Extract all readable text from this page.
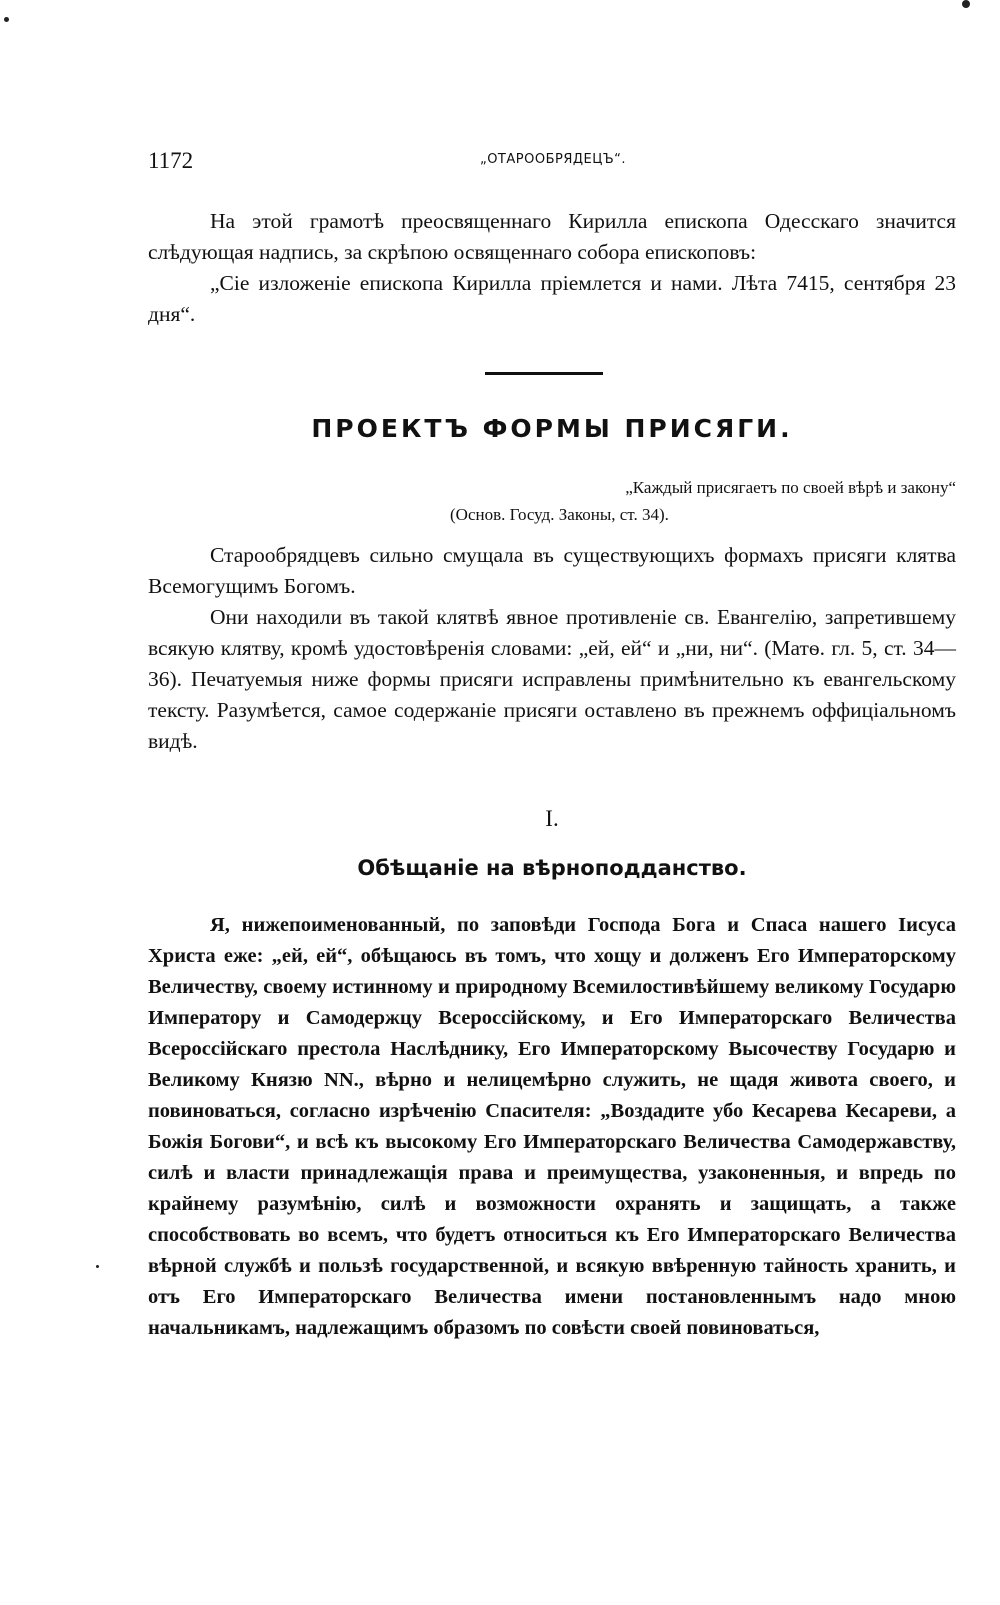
1172	„ОТАРООБРЯДЕЦЪ“.

На этой грамотѣ преосвященнаго Кирилла епископа Одесскаго значится слѣдующая надпись, за скрѣпою освященнаго собора епископовъ:

„Сіе изложеніе епископа Кирилла пріемлется и нами. Лѣта 7415, сентября 23 дня“.

ПРОЕКТЪ ФОРМЫ ПРИСЯГИ.
„Каждый присягаетъ по своей вѣрѣ и закону“
(Основ. Госуд. Законы, ст. 34).

Старообрядцевъ сильно смущала въ существующихъ формахъ присяги клятва Всемогущимъ Богомъ.

Они находили въ такой клятвѣ явное противленіе св. Евангелію, запретившему всякую клятву, кромѣ удостовѣренія словами: „ей, ей“ и „ни, ни“. (Матѳ. гл. 5, ст. 34—36). Печатуемыя ниже формы присяги исправлены примѣнительно къ евангельскому тексту. Разумѣется, самое содержаніе присяги оставлено въ прежнемъ оффиціальномъ видѣ.

I.
Обѣщаніе на вѣрноподданство.

Я, нижепоименованный, по заповѣди Господа Бога и Спаса нашего Іисуса Христа еже: „ей, ей“, обѣщаюсь въ томъ, что хощу и долженъ Его Императорскому Величеству, своему истинному и природному Всемилостивѣйшему великому Государю Императору и Самодержцу Всероссійскому, и Его Императорскаго Величества Всероссійскаго престола Наслѣднику, Его Императорскому Высочеству Государю и Великому Князю NN., вѣрно и нелицемѣрно служить, не щадя живота своего, и повиноваться, согласно изрѣченію Спасителя: „Воздадите убо Кесарева Кесареви, а Божія Богови“, и всѣ къ высокому Его Императорскаго Величества Самодержавству, силѣ и власти принадлежащія права и преимущества, узаконенныя, и впредь по крайнему разумѣнію, силѣ и возможности охранять и защищать, а также способствовать во всемъ, что будетъ относиться къ Его Императорскаго Величества вѣрной службѣ и пользѣ государственной, и всякую ввѣренную тайность хранить, и отъ Его Императорскаго Величества имени постановленнымъ надо мною начальникамъ, надлежащимъ образомъ по совѣсти своей повиноваться,
